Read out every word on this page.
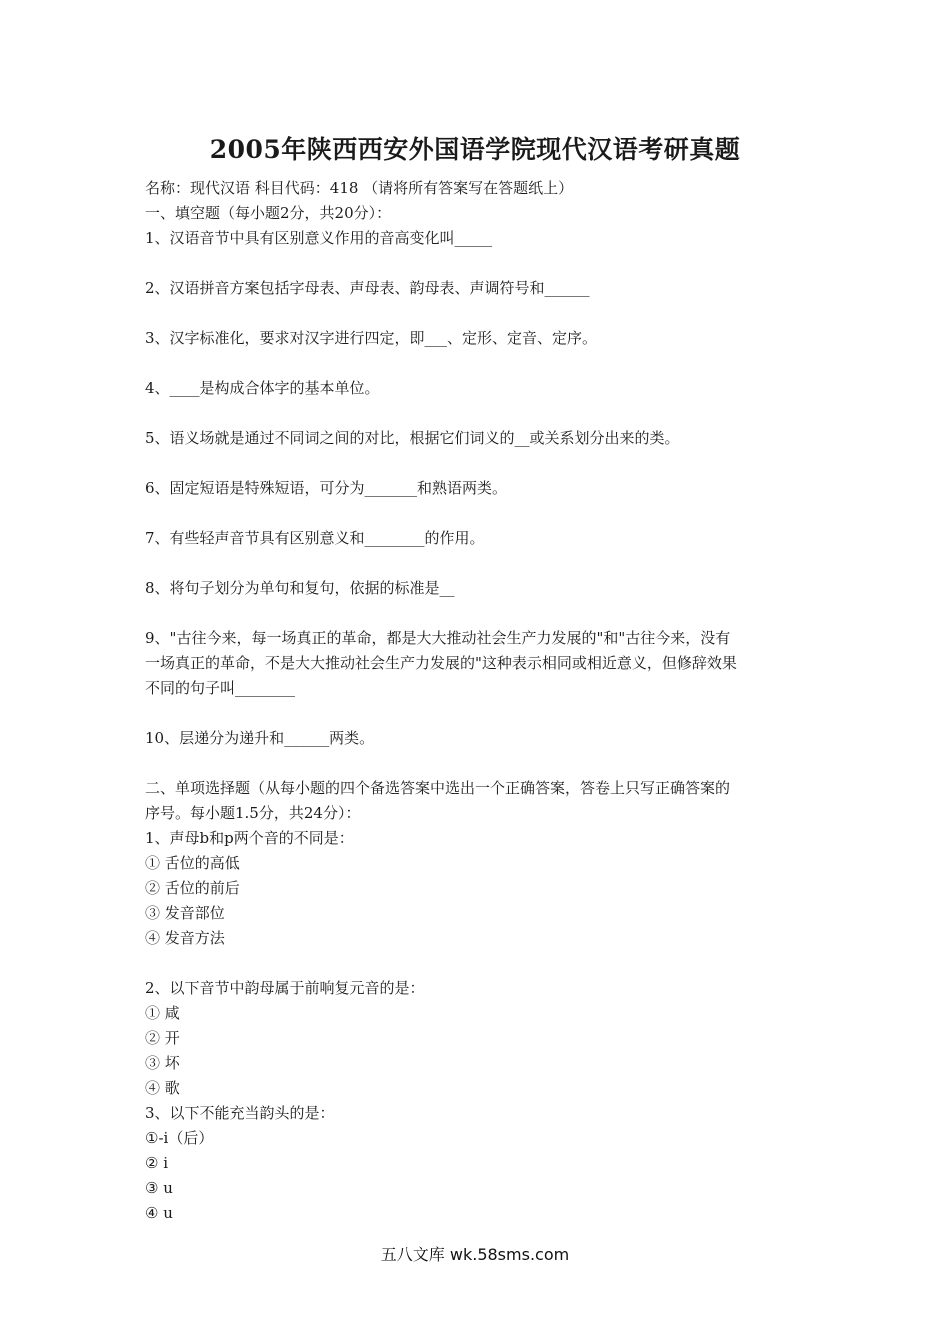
2005年陕西西安外国语学院现代汉语考研真题
名称：现代汉语 科目代码：418 （请将所有答案写在答题纸上）
一、填空题（每小题2分，共20分）：
1、汉语音节中具有区别意义作用的音高变化叫_____
2、汉语拼音方案包括字母表、声母表、韵母表、声调符号和______
3、汉字标准化，要求对汉字进行四定，即___、定形、定音、定序。
4、____是构成合体字的基本单位。
5、语义场就是通过不同词之间的对比，根据它们词义的__或关系划分出来的类。
6、固定短语是特殊短语，可分为_______和熟语两类。
7、有些轻声音节具有区别意义和________的作用。
8、将句子划分为单句和复句，依据的标准是__
9、"古往今来，每一场真正的革命，都是大大推动社会生产力发展的"和"古往今来，没有
一场真正的革命，不是大大推动社会生产力发展的"这种表示相同或相近意义，但修辞效果
不同的句子叫________
10、层递分为递升和______两类。
二、单项选择题（从每小题的四个备选答案中选出一个正确答案，答卷上只写正确答案的
序号。每小题1.5分，共24分）：
1、声母b和p两个音的不同是：
① 舌位的高低
② 舌位的前后
③ 发音部位
④ 发音方法
2、以下音节中韵母属于前响复元音的是：
① 咸
② 开
③ 坏
④ 歌
3、以下不能充当韵头的是：
①-i（后）
② i
③ u
④ u
五八文库 wk.58sms.com
